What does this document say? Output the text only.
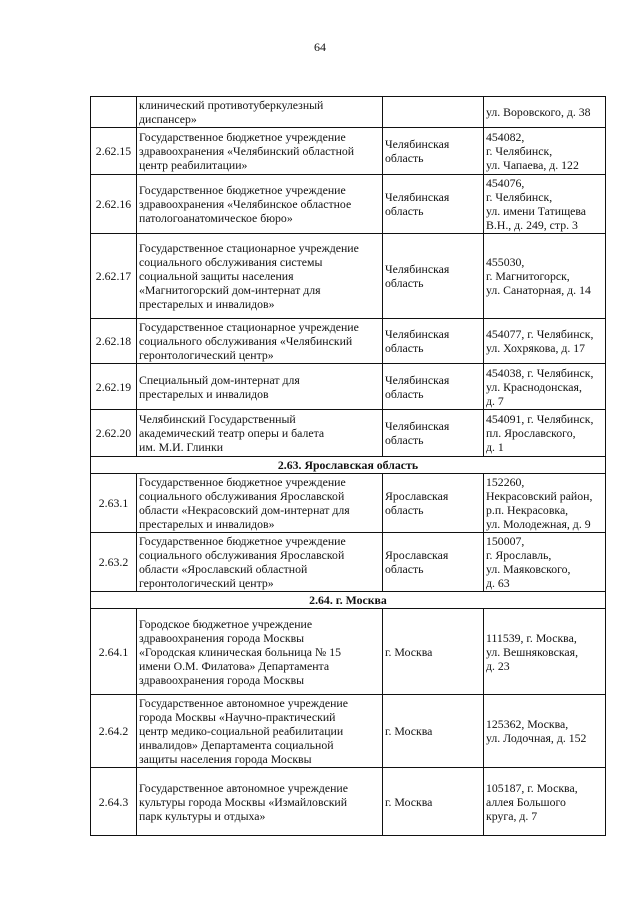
64

	клинический противотуберкулезный
диспансер»		ул. Воровского, д. 38

2.62.15	Государственное бюджетное учреждение
здравоохранения «Челябинский областной
центр реабилитации»	Челябинская
область	454082,
г. Челябинск,
ул. Чапаева, д. 122

2.62.16	Государственное бюджетное учреждение
здравоохранения «Челябинское областное
патологоанатомическое бюро»	Челябинская
область	454076,
г. Челябинск,
ул. имени Татищева
В.Н., д. 249, стр. 3

2.62.17	Государственное стационарное учреждение
социального обслуживания системы
социальной защиты населения
«Магнитогорский дом-интернат для
престарелых и инвалидов»	Челябинская
область	455030,
г. Магнитогорск,
ул. Санаторная, д. 14

2.62.18	Государственное стационарное учреждение
социального обслуживания «Челябинский
геронтологический центр»	Челябинская
область	454077, г. Челябинск,
ул. Хохрякова, д. 17

2.62.19	Специальный дом-интернат для
престарелых и инвалидов	Челябинская
область	454038, г. Челябинск,
ул. Краснодонская,
д. 7

2.62.20	Челябинский Государственный
академический театр оперы и балета
им. М.И. Глинки	Челябинская
область	454091, г. Челябинск,
пл. Ярославского,
д. 1

2.63. Ярославская область			
2.63.1	Государственное бюджетное учреждение
социального обслуживания Ярославской
области «Некрасовский дом-интернат для
престарелых и инвалидов»	Ярославская
область	152260,
Некрасовский район,
р.п. Некрасовка,
ул. Молодежная, д. 9

2.63.2	Государственное бюджетное учреждение
социального обслуживания Ярославской
области «Ярославский областной
геронтологический центр»	Ярославская
область	150007,
г. Ярославль,
ул. Маяковского,
д. 63

2.64. г. Москва			
2.64.1	Городское бюджетное учреждение
здравоохранения города Москвы
«Городская клиническая больница № 15
имени О.М. Филатова» Департамента
здравоохранения города Москвы	г. Москва	111539, г. Москва,
ул. Вешняковская,
д. 23

2.64.2	Государственное автономное учреждение
города Москвы «Научно-практический
центр медико-социальной реабилитации
инвалидов» Департамента социальной
защиты населения города Москвы	г. Москва	125362, Москва,
ул. Лодочная, д. 152

2.64.3	Государственное автономное учреждение
культуры города Москвы «Измайловский
парк культуры и отдыха»	г. Москва	105187, г. Москва,
аллея Большого
круга, д. 7
